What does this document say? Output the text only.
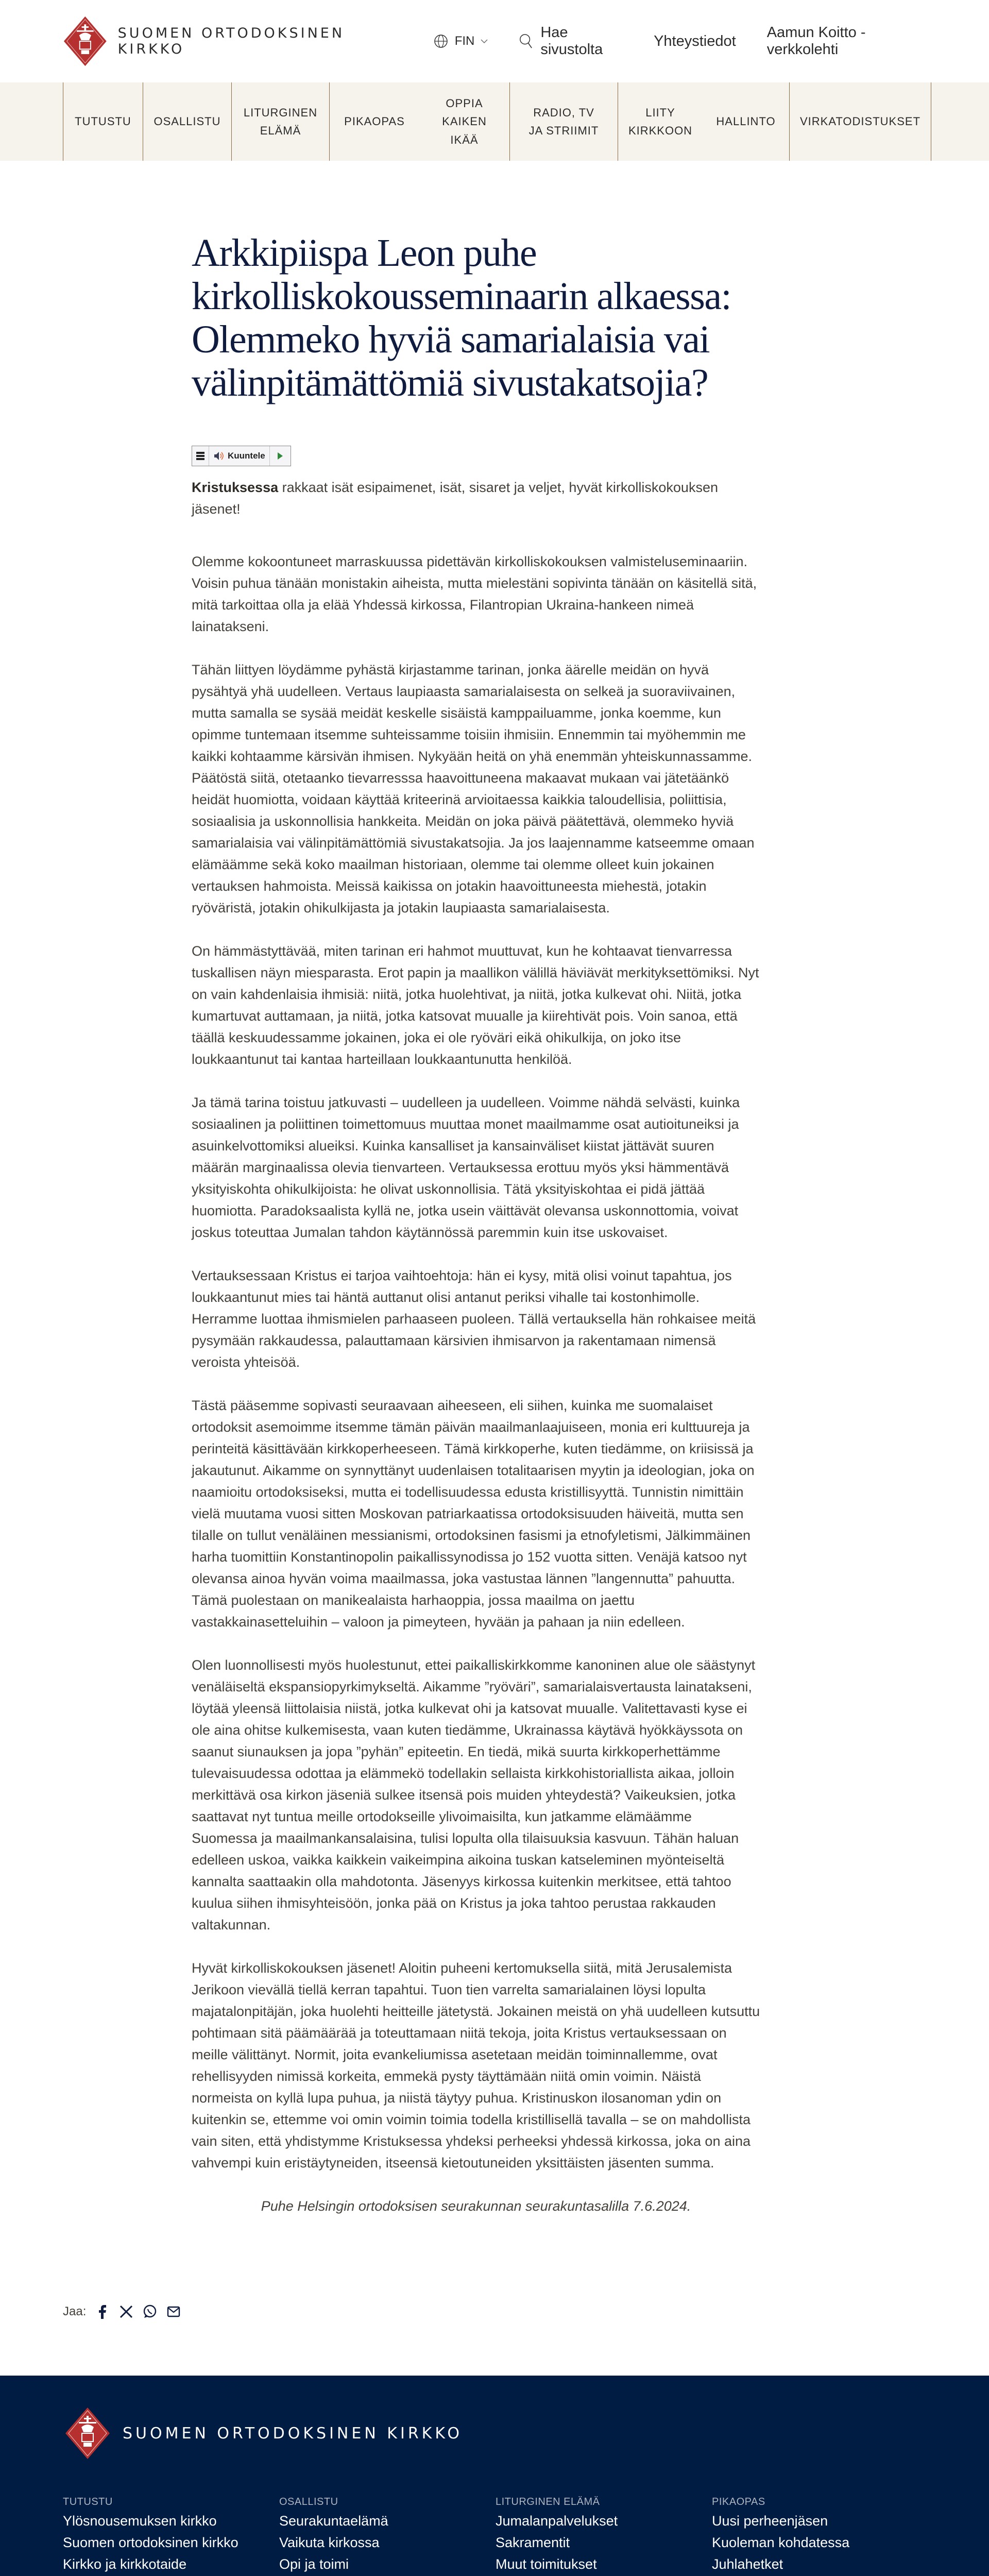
SUOMEN ORTODOKSINEN KIRKKO
FIN
Hae sivustolta
Yhteystiedot
Aamun Koitto -verkkolehti
TUTUSTU	OSALLISTU
LITURGINEN ELÄMÄ
PIKAOPAS
OPPIA KAIKEN IKÄÄ
RADIO, TV JA STRIIMIT
LIITY KIRKKOON
HALLINTO	VIRKATODISTUKSET
Arkkipiispa Leon puhe kirkolliskokousseminaarin alkaessa: Olemmeko hyviä samarialaisia vai välinpitämättömiä sivustakatsojia?
Kuuntele

Kristuksessa rakkaat isät esipaimenet, isät, sisaret ja veljet, hyvät kirkolliskokouksen jäsenet!

Olemme kokoontuneet marraskuussa pidettävän kirkolliskokouksen valmisteluseminaariin. Voisin puhua tänään monistakin aiheista, mutta mielestäni sopivinta tänään on käsitellä sitä, mitä tarkoittaa olla ja elää Yhdessä kirkossa, Filantropian Ukraina-hankeen nimeä lainatakseni.

Tähän liittyen löydämme pyhästä kirjastamme tarinan, jonka äärelle meidän on hyvä pysähtyä yhä uudelleen. Vertaus laupiaasta samarialaisesta on selkeä ja suoraviivainen, mutta samalla se sysää meidät keskelle sisäistä kamppailuamme, jonka koemme, kun opimme tuntemaan itsemme suhteissamme toisiin ihmisiin. Ennemmin tai myöhemmin me kaikki kohtaamme kärsivän ihmisen. Nykyään heitä on yhä enemmän yhteiskunnassamme. Päätöstä siitä, otetaanko tievarresssa haavoittuneena makaavat mukaan vai jätetäänkö heidät huomiotta, voidaan käyttää kriteerinä arvioitaessa kaikkia taloudellisia, poliittisia, sosiaalisia ja uskonnollisia hankkeita. Meidän on joka päivä päätettävä, olemmeko hyviä samarialaisia vai välinpitämättömiä sivustakatsojia. Ja jos laajennamme katseemme omaan elämäämme sekä koko maailman historiaan, olemme tai olemme olleet kuin jokainen vertauksen hahmoista. Meissä kaikissa on jotakin haavoittuneesta miehestä, jotakin ryöväristä, jotakin ohikulkijasta ja jotakin laupiaasta samarialaisesta.

On hämmästyttävää, miten tarinan eri hahmot muuttuvat, kun he kohtaavat tienvarressa tuskallisen näyn miesparasta. Erot papin ja maallikon välillä häviävät merkityksettömiksi. Nyt on vain kahdenlaisia ihmisiä: niitä, jotka huolehtivat, ja niitä, jotka kulkevat ohi. Niitä, jotka kumartuvat auttamaan, ja niitä, jotka katsovat muualle ja kiirehtivät pois. Voin sanoa, että täällä keskuudessamme jokainen, joka ei ole ryöväri eikä ohikulkija, on joko itse loukkaantunut tai kantaa harteillaan loukkaantunutta henkilöä.

Ja tämä tarina toistuu jatkuvasti – uudelleen ja uudelleen. Voimme nähdä selvästi, kuinka sosiaalinen ja poliittinen toimettomuus muuttaa monet maailmamme osat autioituneiksi ja asuinkelvottomiksi alueiksi. Kuinka kansalliset ja kansainväliset kiistat jättävät suuren määrän marginaalissa olevia tienvarteen. Vertauksessa erottuu myös yksi hämmentävä yksityiskohta ohikulkijoista: he olivat uskonnollisia. Tätä yksityiskohtaa ei pidä jättää huomiotta. Paradoksaalista kyllä ne, jotka usein väittävät olevansa uskonnottomia, voivat joskus toteuttaa Jumalan tahdon käytännössä paremmin kuin itse uskovaiset.

Vertauksessaan Kristus ei tarjoa vaihtoehtoja: hän ei kysy, mitä olisi voinut tapahtua, jos loukkaantunut mies tai häntä auttanut olisi antanut periksi vihalle tai kostonhimolle. Herramme luottaa ihmismielen parhaaseen puoleen. Tällä vertauksella hän rohkaisee meitä pysymään rakkaudessa, palauttamaan kärsivien ihmisarvon ja rakentamaan nimensä veroista yhteisöä.

Tästä pääsemme sopivasti seuraavaan aiheeseen, eli siihen, kuinka me suomalaiset ortodoksit asemoimme itsemme tämän päivän maailmanlaajuiseen, monia eri kulttuureja ja perinteitä käsittävään kirkkoperheeseen. Tämä kirkkoperhe, kuten tiedämme, on kriisissä ja jakautunut. Aikamme on synnyttänyt uudenlaisen totalitaarisen myytin ja ideologian, joka on naamioitu ortodoksiseksi, mutta ei todellisuudessa edusta kristillisyyttä. Tunnistin nimittäin vielä muutama vuosi sitten Moskovan patriarkaatissa ortodoksisuuden häiveitä, mutta sen tilalle on tullut venäläinen messianismi, ortodoksinen fasismi ja etnofyletismi, Jälkimmäinen harha tuomittiin Konstantinopolin paikallissynodissa jo 152 vuotta sitten. Venäjä katsoo nyt olevansa ainoa hyvän voima maailmassa, joka vastustaa lännen ”langennutta” pahuutta. Tämä puolestaan on manikealaista harhaoppia, jossa maailma on jaettu vastakkainasetteluihin – valoon ja pimeyteen, hyvään ja pahaan ja niin edelleen.

Olen luonnollisesti myös huolestunut, ettei paikalliskirkkomme kanoninen alue ole säästynyt venäläiseltä ekspansiopyrkimykseltä. Aikamme ”ryöväri”, samarialaisvertausta lainatakseni, löytää yleensä liittolaisia niistä, jotka kulkevat ohi ja katsovat muualle. Valitettavasti kyse ei ole aina ohitse kulkemisesta, vaan kuten tiedämme, Ukrainassa käytävä hyökkäyssota on saanut siunauksen ja jopa ”pyhän” epiteetin. En tiedä, mikä suurta kirkkoperhettämme tulevaisuudessa odottaa ja elämmekö todellakin sellaista kirkkohistoriallista aikaa, jolloin merkittävä osa kirkon jäseniä sulkee itsensä pois muiden yhteydestä? Vaikeuksien, jotka saattavat nyt tuntua meille ortodokseille ylivoimaisilta, kun jatkamme elämäämme Suomessa ja maailmankansalaisina, tulisi lopulta olla tilaisuuksia kasvuun. Tähän haluan edelleen uskoa, vaikka kaikkein vaikeimpina aikoina tuskan katseleminen myönteiseltä kannalta saattaakin olla mahdotonta. Jäsenyys kirkossa kuitenkin merkitsee, että tahtoo kuulua siihen ihmisyhteisöön, jonka pää on Kristus ja joka tahtoo perustaa rakkauden valtakunnan.

Hyvät kirkolliskokouksen jäsenet! Aloitin puheeni kertomuksella siitä, mitä Jerusalemista Jerikoon vievällä tiellä kerran tapahtui. Tuon tien varrelta samarialainen löysi lopulta majatalonpitäjän, joka huolehti heitteille jätetystä. Jokainen meistä on yhä uudelleen kutsuttu pohtimaan sitä päämäärää ja toteuttamaan niitä tekoja, joita Kristus vertauksessaan on meille välittänyt. Normit, joita evankeliumissa asetetaan meidän toiminnallemme, ovat rehellisyyden nimissä korkeita, emmekä pysty täyttämään niitä omin voimin. Näistä normeista on kyllä lupa puhua, ja niistä täytyy puhua. Kristinuskon ilosanoman ydin on kuitenkin se, ettemme voi omin voimin toimia todella kristillisellä tavalla – se on mahdollista vain siten, että yhdistymme Kristuksessa yhdeksi perheeksi yhdessä kirkossa, joka on aina vahvempi kuin eristäytyneiden, itseensä kietoutuneiden yksittäisten jäsenten summa.

Puhe Helsingin ortodoksisen seurakunnan seurakuntasalilla 7.6.2024.

Jaa:
SUOMEN ORTODOKSINEN KIRKKO
TUTUSTU
Ylösnousemuksen kirkko
Suomen ortodoksinen kirkko
Kirkko ja kirkkotaide
OSALLISTU
Seurakuntaelämä
Vaikuta kirkossa
Opi ja toimi
LITURGINEN ELÄMÄ
Jumalanpalvelukset
Sakramentit
Muut toimitukset
PIKAOPAS
Uusi perheenjäsen
Kuoleman kohdatessa
Juhlahetket
